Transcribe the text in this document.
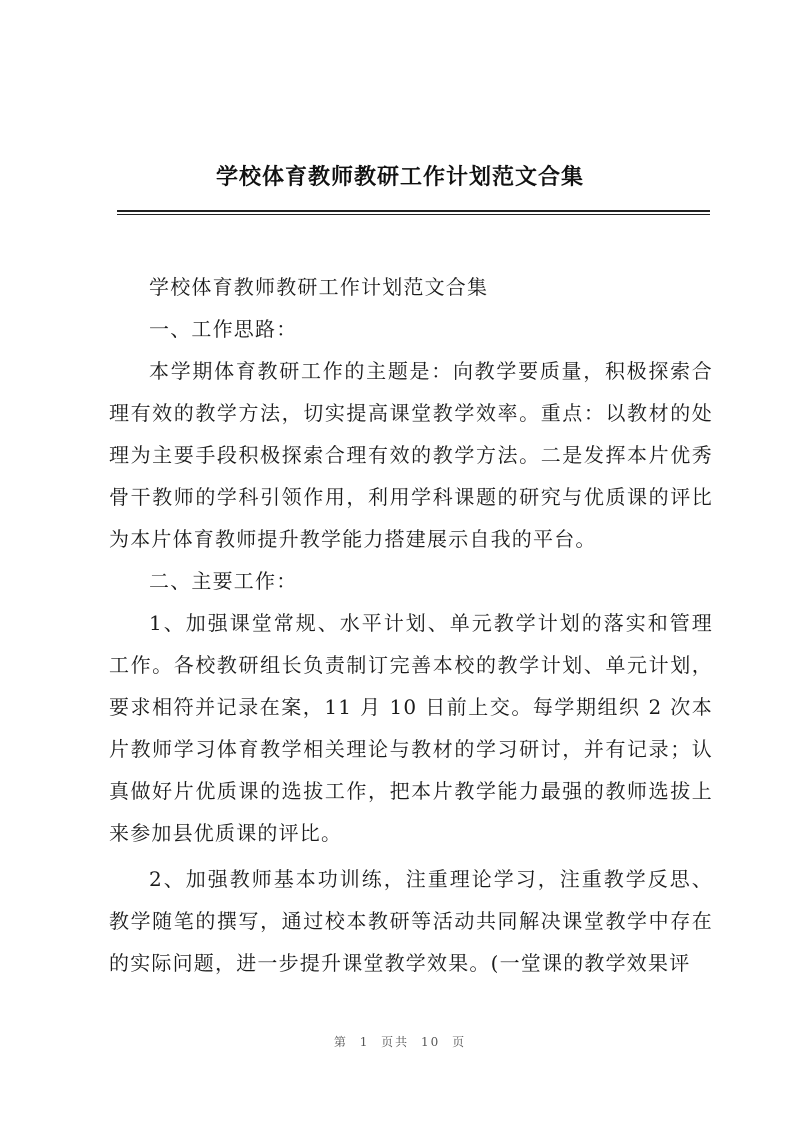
学校体育教师教研工作计划范文合集

学校体育教师教研工作计划范文合集

一、工作思路：

本学期体育教研工作的主题是：向教学要质量，积极探索合理有效的教学方法，切实提高课堂教学效率。重点：以教材的处理为主要手段积极探索合理有效的教学方法。二是发挥本片优秀骨干教师的学科引领作用，利用学科课题的研究与优质课的评比为本片体育教师提升教学能力搭建展示自我的平台。

二、主要工作：

1、加强课堂常规、水平计划、单元教学计划的落实和管理工作。各校教研组长负责制订完善本校的教学计划、单元计划，要求相符并记录在案，11 月 10 日前上交。每学期组织 2 次本片教师学习体育教学相关理论与教材的学习研讨，并有记录；认真做好片优质课的选拔工作，把本片教学能力最强的教师选拔上来参加县优质课的评比。

2、加强教师基本功训练，注重理论学习，注重教学反思、教学随笔的撰写，通过校本教研等活动共同解决课堂教学中存在的实际问题，进一步提升课堂教学效果。(一堂课的教学效果评

第 1 页共 10 页
